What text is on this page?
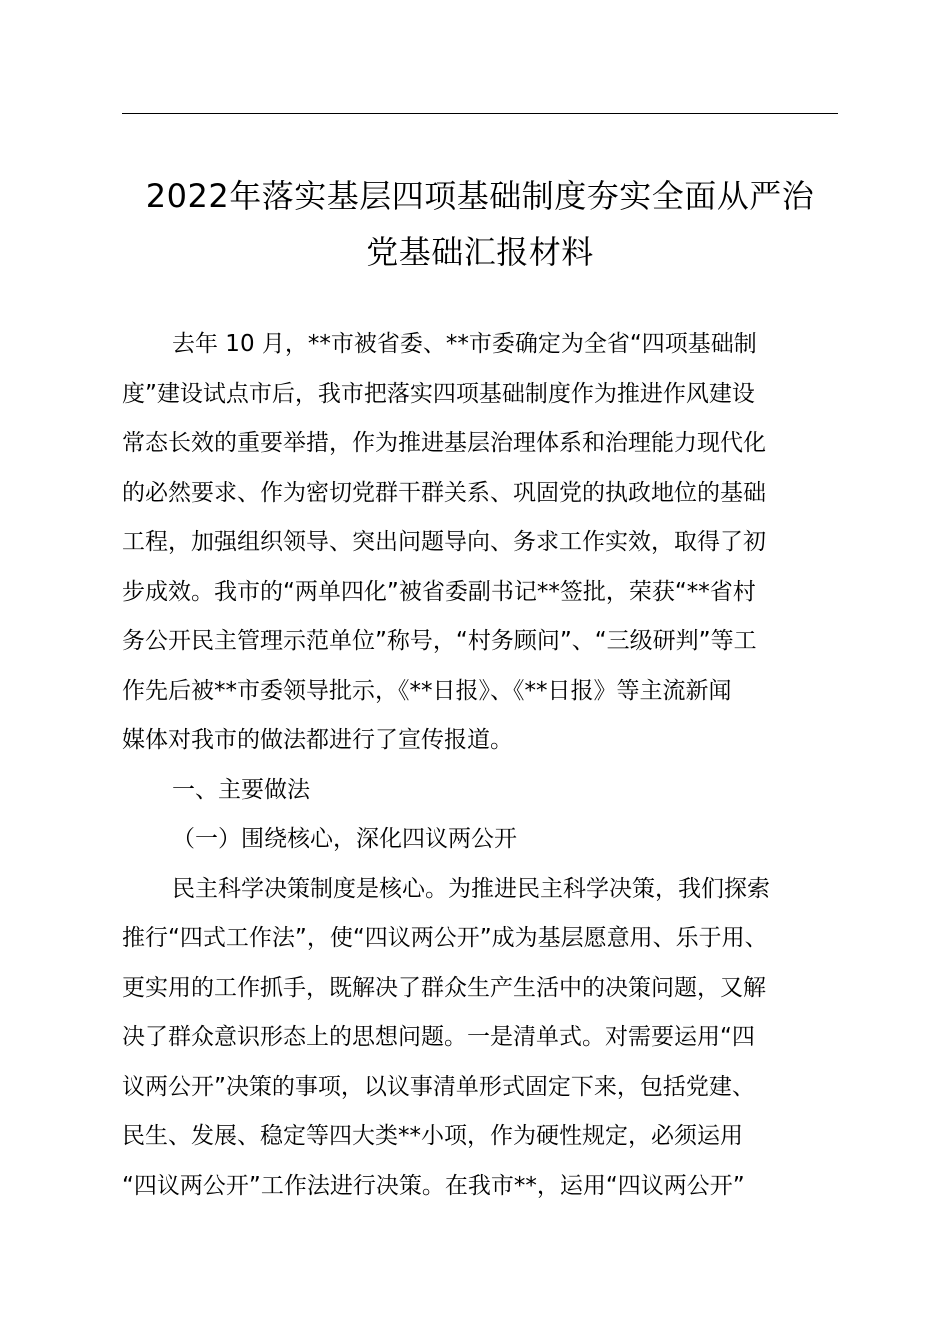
2022年落实基层四项基础制度夯实全面从严治
党基础汇报材料
去年 10 月，**市被省委、**市委确定为全省“四项基础制
度”建设试点市后，我市把落实四项基础制度作为推进作风建设
常态长效的重要举措，作为推进基层治理体系和治理能力现代化
的必然要求、作为密切党群干群关系、巩固党的执政地位的基础
工程，加强组织领导、突出问题导向、务求工作实效，取得了初
步成效。我市的“两单四化”被省委副书记**签批，荣获“**省村
务公开民主管理示范单位”称号，“村务顾问”、“三级研判”等工
作先后被**市委领导批示，《**日报》、《**日报》等主流新闻
媒体对我市的做法都进行了宣传报道。
一、主要做法
（一）围绕核心，深化四议两公开
民主科学决策制度是核心。为推进民主科学决策，我们探索
推行“四式工作法”，使“四议两公开”成为基层愿意用、乐于用、
更实用的工作抓手，既解决了群众生产生活中的决策问题，又解
决了群众意识形态上的思想问题。一是清单式。对需要运用“四
议两公开”决策的事项，以议事清单形式固定下来，包括党建、
民生、发展、稳定等四大类**小项，作为硬性规定，必须运用
“四议两公开”工作法进行决策。在我市**，运用“四议两公开”
